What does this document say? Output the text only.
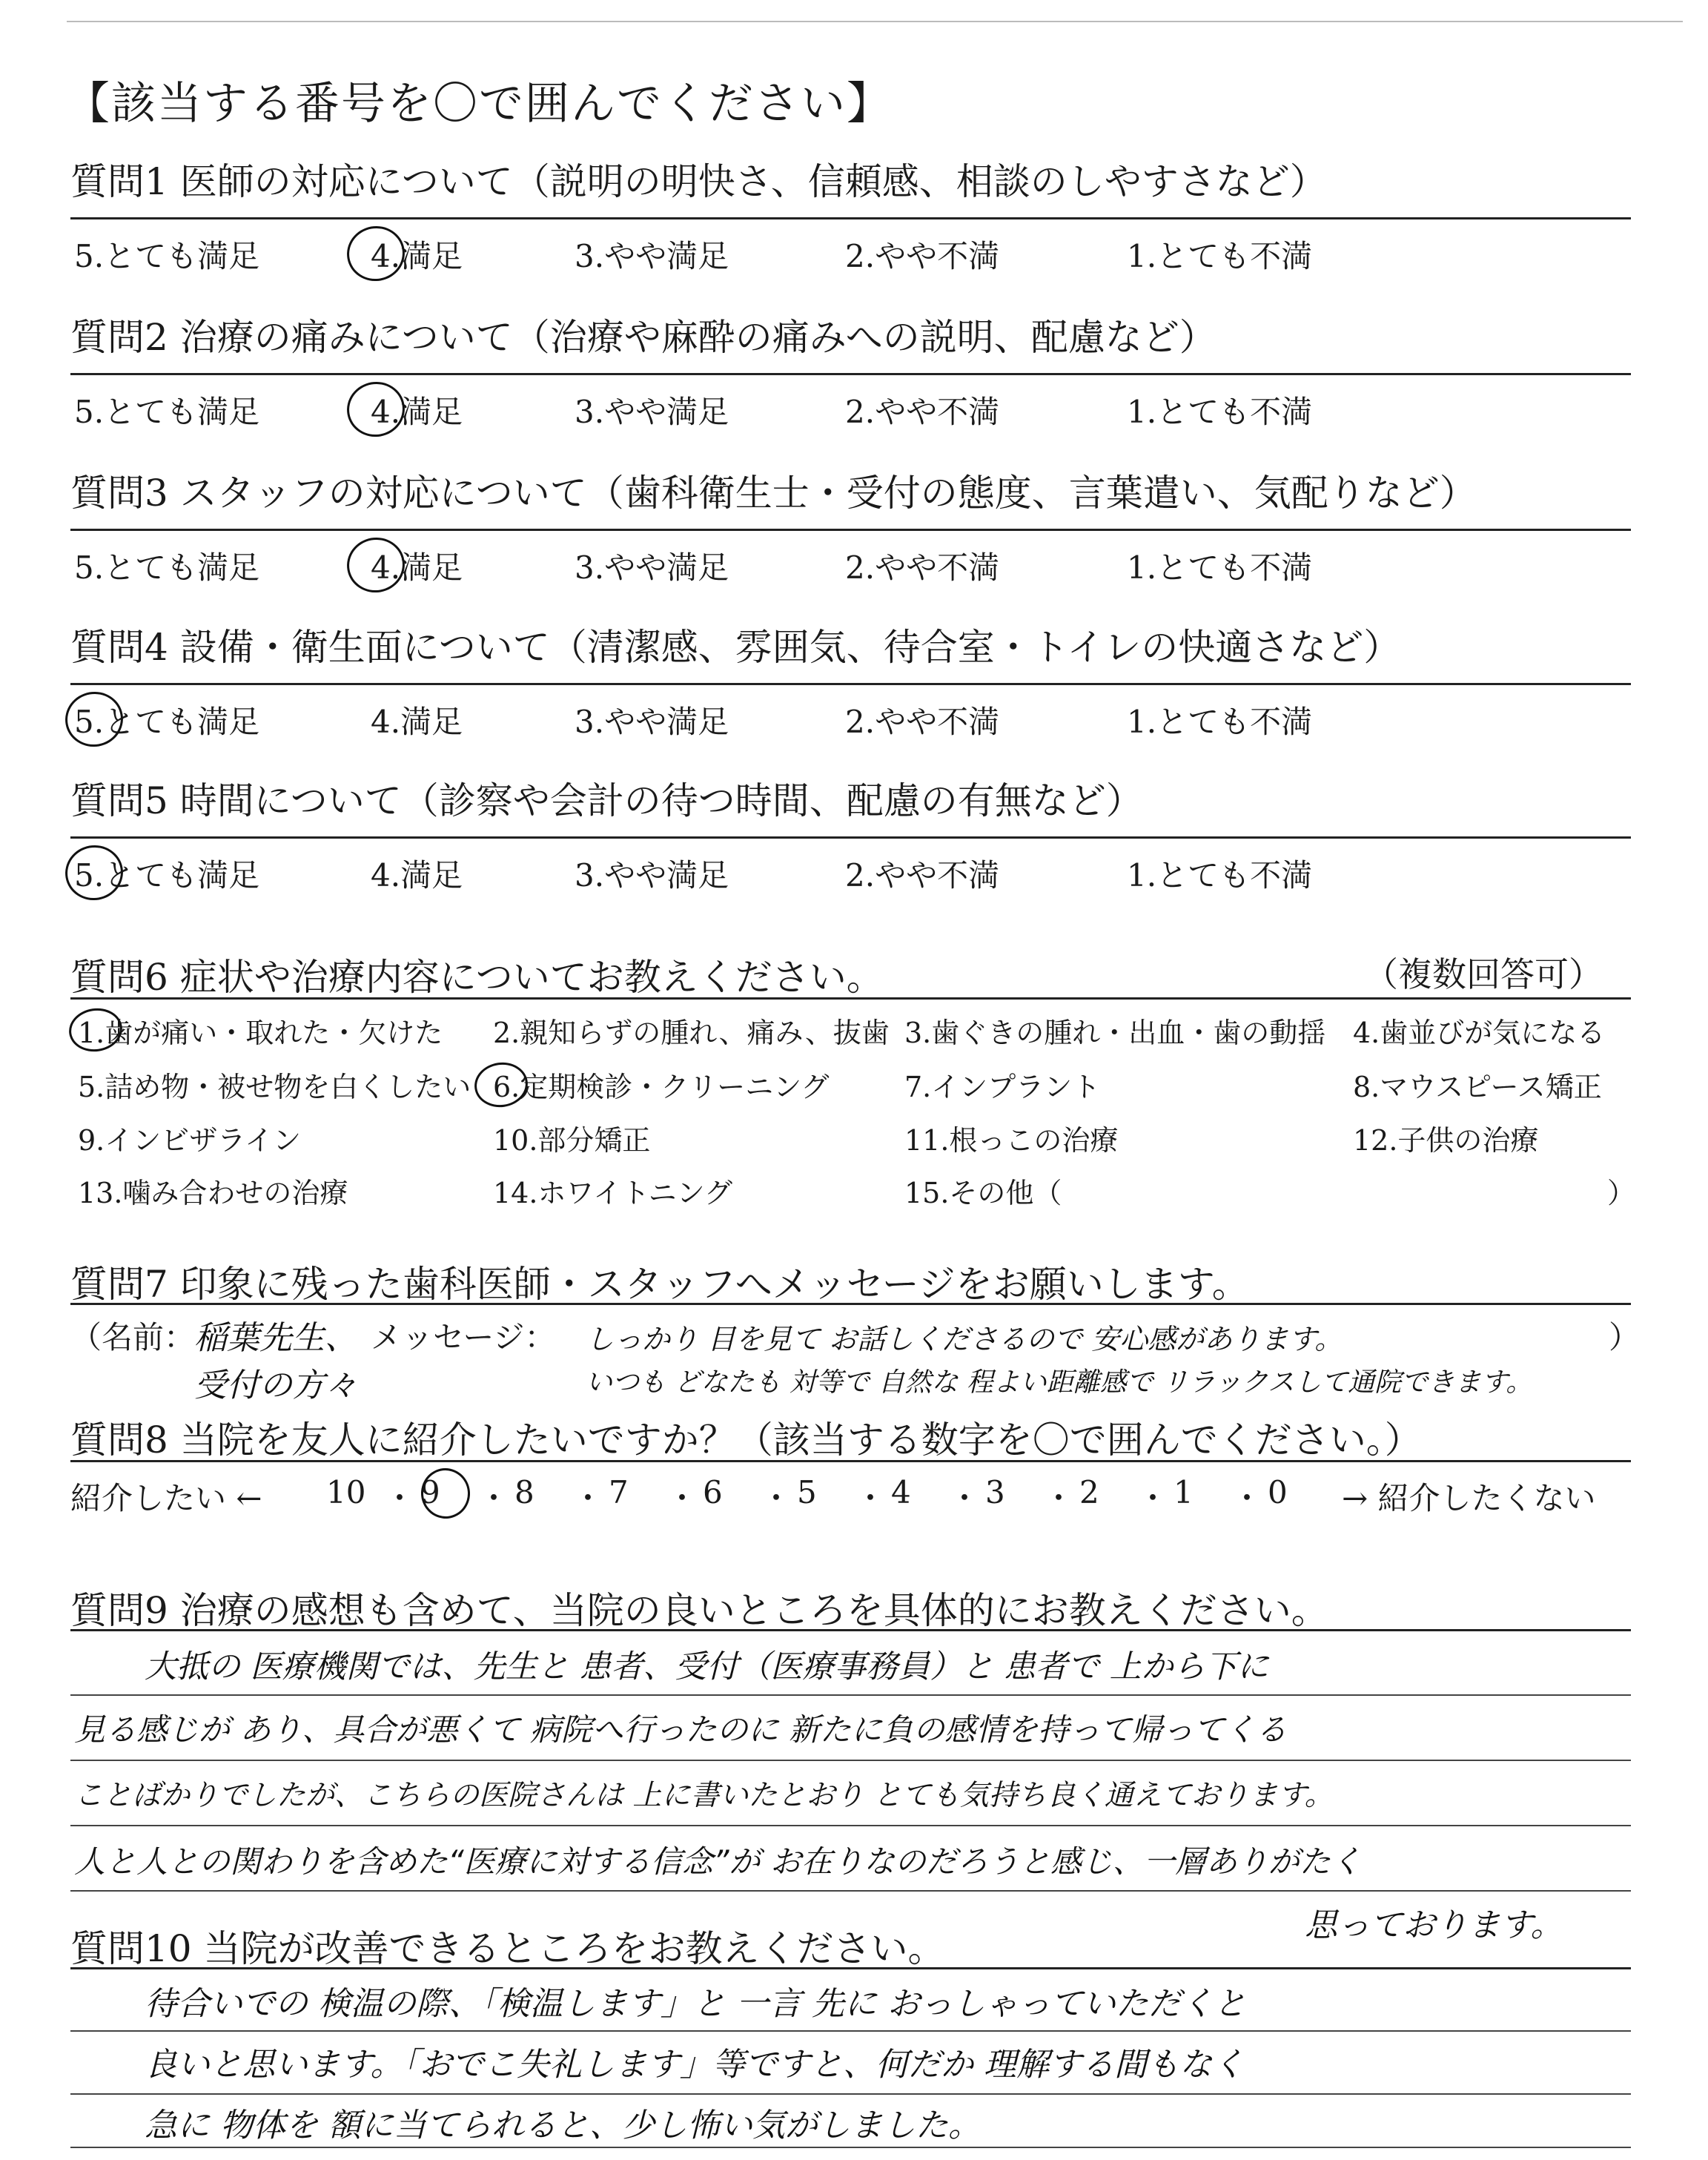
【該当する番号を〇で囲んでください】
質問1 医師の対応について（説明の明快さ、信頼感、相談のしやすさなど）
5.とても満足	4.満足	3.やや満足	2.やや不満	1.とても不満
質問2 治療の痛みについて（治療や麻酔の痛みへの説明、配慮など）
5.とても満足	4.満足	3.やや満足	2.やや不満	1.とても不満
質問3 スタッフの対応について（歯科衛生士・受付の態度、言葉遣い、気配りなど）
5.とても満足	4.満足	3.やや満足	2.やや不満	1.とても不満
質問4 設備・衛生面について（清潔感、雰囲気、待合室・トイレの快適さなど）
5.とても満足	4.満足	3.やや満足	2.やや不満	1.とても不満
質問5 時間について（診察や会計の待つ時間、配慮の有無など）
5.とても満足	4.満足	3.やや満足	2.やや不満	1.とても不満
質問6 症状や治療内容についてお教えください。	（複数回答可）
1.歯が痛い・取れた・欠けた 2.親知らずの腫れ、痛み、抜歯 3.歯ぐきの腫れ・出血・歯の動揺 4.歯並びが気になる
5.詰め物・被せ物を白くしたい 6.定期検診・クリーニング	7.インプラント	8.マウスピース矯正
9.インビザライン	10.部分矯正	11.根っこの治療	12.子供の治療
13.噛み合わせの治療	14.ホワイトニング	15.その他（	）
質問7 印象に残った歯科医師・スタッフへメッセージをお願いします。
（名前：
稲葉先生、
受付の方々
メッセージ： しっかり 目を見て お話しくださるので 安心感があります。
いつも どなたも 対等で 自然な 程よい距離感で リラックスして通院できます。
）
質問8 当院を友人に紹介したいですか？（該当する数字を〇で囲んでください。）
紹介したい ← 10 ・ 9 ・ 8 ・ 7 ・ 6 ・ 5 ・ 4 ・ 3 ・ 2 ・ 1 ・ 0 → 紹介したくない
質問9 治療の感想も含めて、当院の良いところを具体的にお教えください。
大抵の 医療機関では、先生と 患者、受付（医療事務員）と 患者で 上から下に
見る感じが あり、具合が悪くて 病院へ行ったのに 新たに負の感情を持って帰ってくる
ことばかりでしたが、こちらの医院さんは 上に書いたとおり とても気持ち良く通えております。
人と人との関わりを含めた“医療に対する信念”が お在りなのだろうと感じ、一層ありがたく
思っております。
質問10 当院が改善できるところをお教えください。
待合いでの 検温の際、「検温します」と 一言 先に おっしゃっていただくと
良いと思います。「おでこ失礼します」等ですと、何だか 理解する間もなく
急に 物体を 額に当てられると、少し怖い気がしました。
